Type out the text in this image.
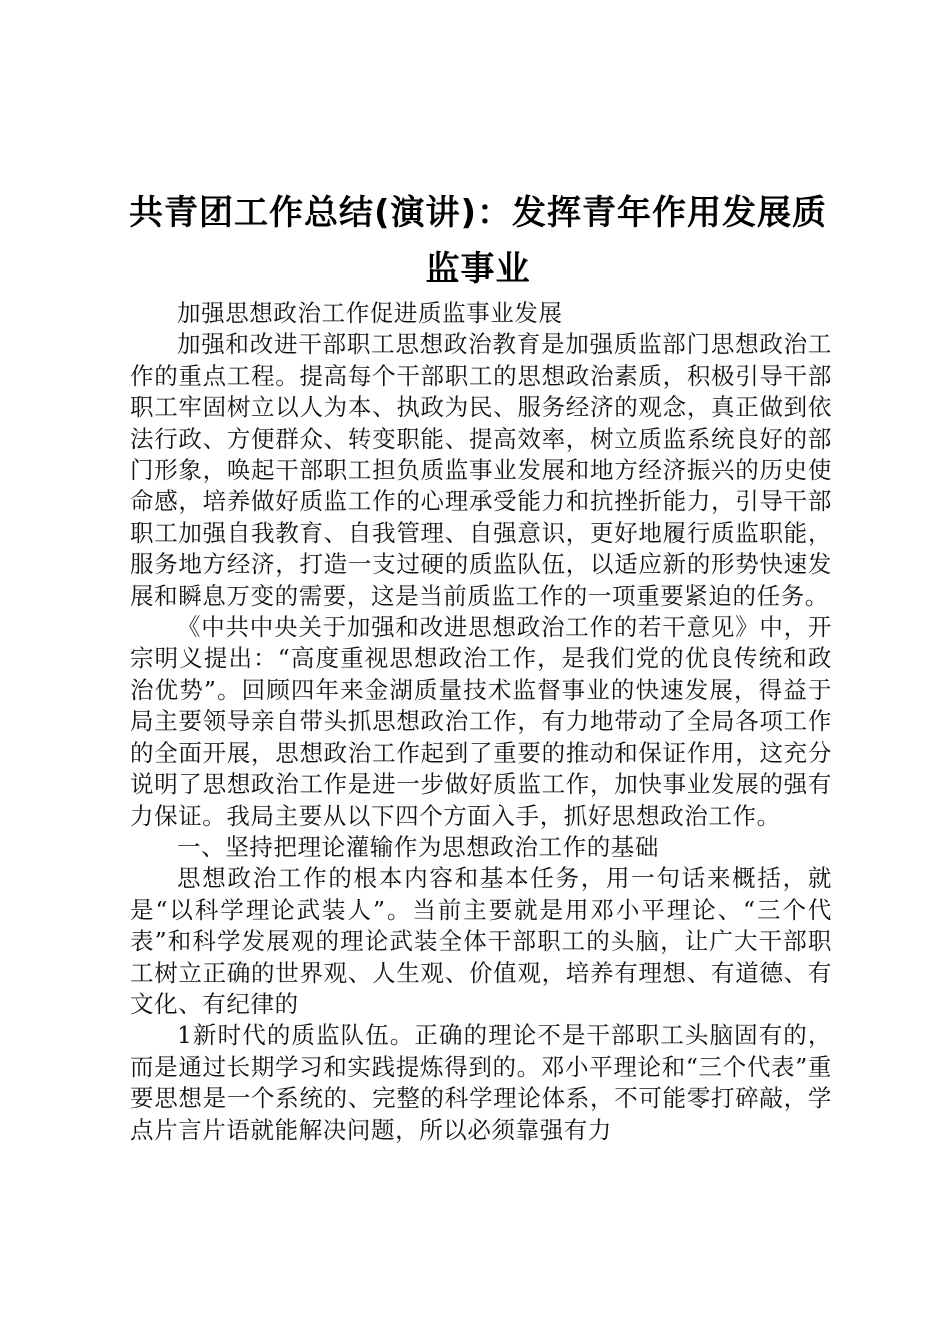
共青团工作总结(演讲)：发挥青年作用发展质
监事业

加强思想政治工作促进质监事业发展

加强和改进干部职工思想政治教育是加强质监部门思想政治工作的重点工程。提高每个干部职工的思想政治素质，积极引导干部职工牢固树立以人为本、执政为民、服务经济的观念，真正做到依法行政、方便群众、转变职能、提高效率，树立质监系统良好的部门形象，唤起干部职工担负质监事业发展和地方经济振兴的历史使命感，培养做好质监工作的心理承受能力和抗挫折能力，引导干部职工加强自我教育、自我管理、自强意识，更好地履行质监职能，服务地方经济，打造一支过硬的质监队伍，以适应新的形势快速发展和瞬息万变的需要，这是当前质监工作的一项重要紧迫的任务。

《中共中央关于加强和改进思想政治工作的若干意见》中，开宗明义提出：“高度重视思想政治工作，是我们党的优良传统和政治优势”。回顾四年来金湖质量技术监督事业的快速发展，得益于局主要领导亲自带头抓思想政治工作，有力地带动了全局各项工作的全面开展，思想政治工作起到了重要的推动和保证作用，这充分说明了思想政治工作是进一步做好质监工作，加快事业发展的强有力保证。我局主要从以下四个方面入手，抓好思想政治工作。

一、坚持把理论灌输作为思想政治工作的基础

思想政治工作的根本内容和基本任务，用一句话来概括，就是“以科学理论武装人”。当前主要就是用邓小平理论、“三个代表”和科学发展观的理论武装全体干部职工的头脑，让广大干部职工树立正确的世界观、人生观、价值观，培养有理想、有道德、有文化、有纪律的

1新时代的质监队伍。正确的理论不是干部职工头脑固有的，而是通过长期学习和实践提炼得到的。邓小平理论和“三个代表”重要思想是一个系统的、完整的科学理论体系，不可能零打碎敲，学点片言片语就能解决问题，所以必须靠强有力
